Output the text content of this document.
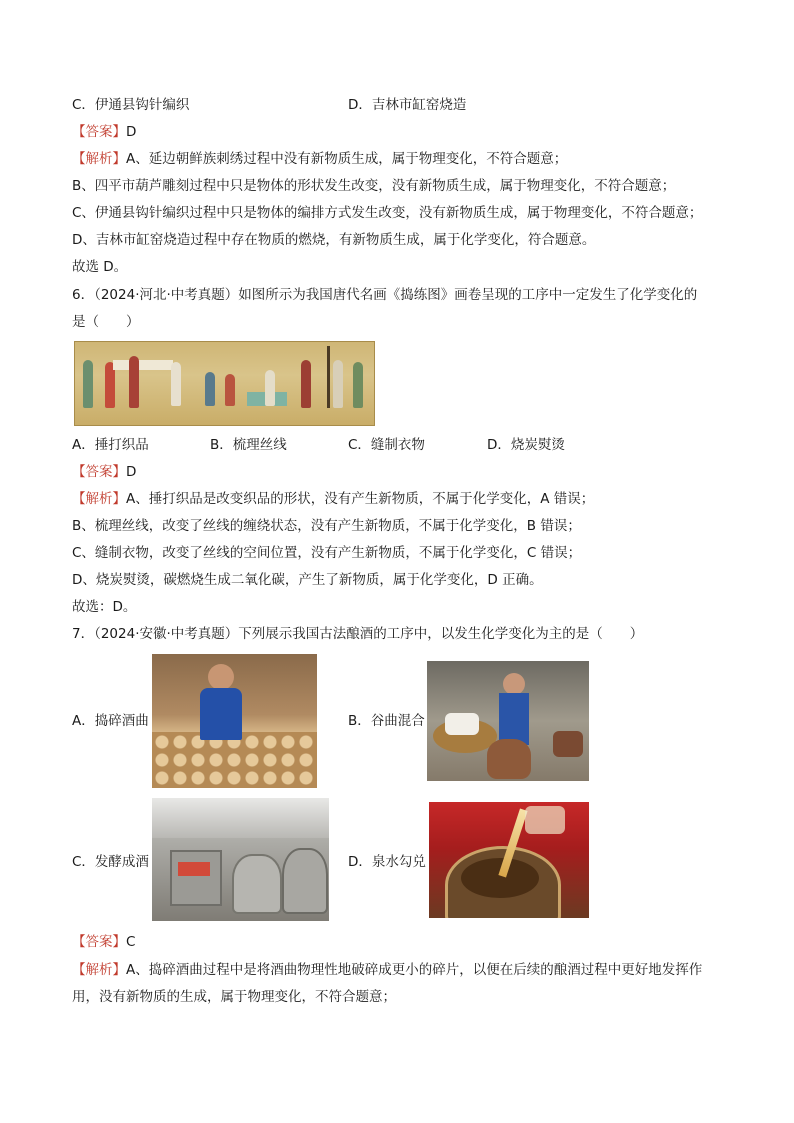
C．伊通县钩针编织	D．吉林市缸窑烧造
【答案】D
【解析】A、延边朝鲜族刺绣过程中没有新物质生成，属于物理变化，不符合题意；
B、四平市葫芦雕刻过程中只是物体的形状发生改变，没有新物质生成，属于物理变化，不符合题意；
C、伊通县钩针编织过程中只是物体的编排方式发生改变，没有新物质生成，属于物理变化，不符合题意；
D、吉林市缸窑烧造过程中存在物质的燃烧，有新物质生成，属于化学变化，符合题意。
故选 D。
6．（2024·河北·中考真题）如图所示为我国唐代名画《捣练图》画卷呈现的工序中一定发生了化学变化的
是（　　）
A．捶打织品	B．梳理丝线	C．缝制衣物	D．烧炭熨烫
【答案】D
【解析】A、捶打织品是改变织品的形状，没有产生新物质，不属于化学变化，A 错误；
B、梳理丝线，改变了丝线的缠绕状态，没有产生新物质，不属于化学变化，B 错误；
C、缝制衣物，改变了丝线的空间位置，没有产生新物质，不属于化学变化，C 错误；
D、烧炭熨烫，碳燃烧生成二氧化碳，产生了新物质，属于化学变化，D 正确。
故选：D。
7．（2024·安徽·中考真题）下列展示我国古法酿酒的工序中，以发生化学变化为主的是（　　）
A．捣碎酒曲	B．谷曲混合
C．发酵成酒	D．泉水勾兑
【答案】C
【解析】A、捣碎酒曲过程中是将酒曲物理性地破碎成更小的碎片，以便在后续的酿酒过程中更好地发挥作
用，没有新物质的生成，属于物理变化，不符合题意；
